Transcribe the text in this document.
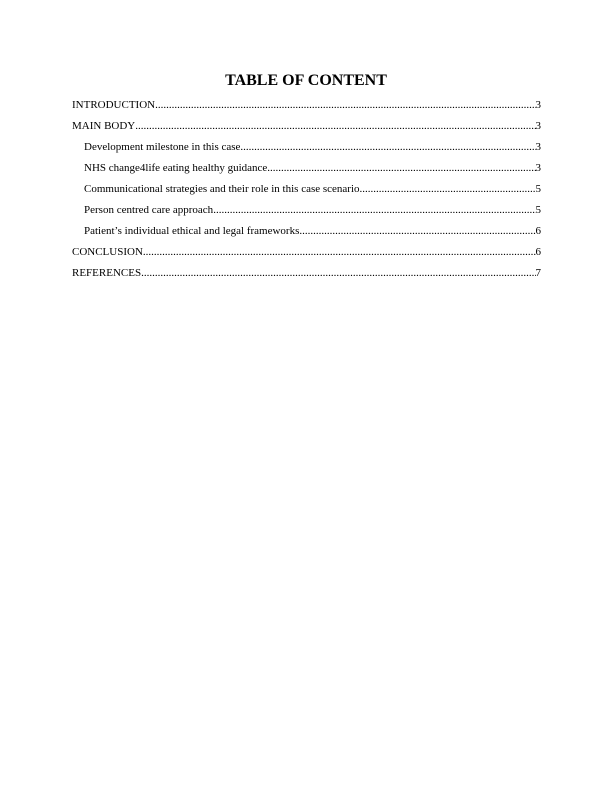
TABLE OF CONTENT
INTRODUCTION .....	3
MAIN BODY .....	3
Development milestone in this case .....	3
NHS change4life eating healthy guidance .....	3
Communicational strategies and their role in this case scenario .....	5
Person centred care approach .....	5
Patient’s individual ethical and legal frameworks .....	6
CONCLUSION .....	6
REFERENCES .....	7
